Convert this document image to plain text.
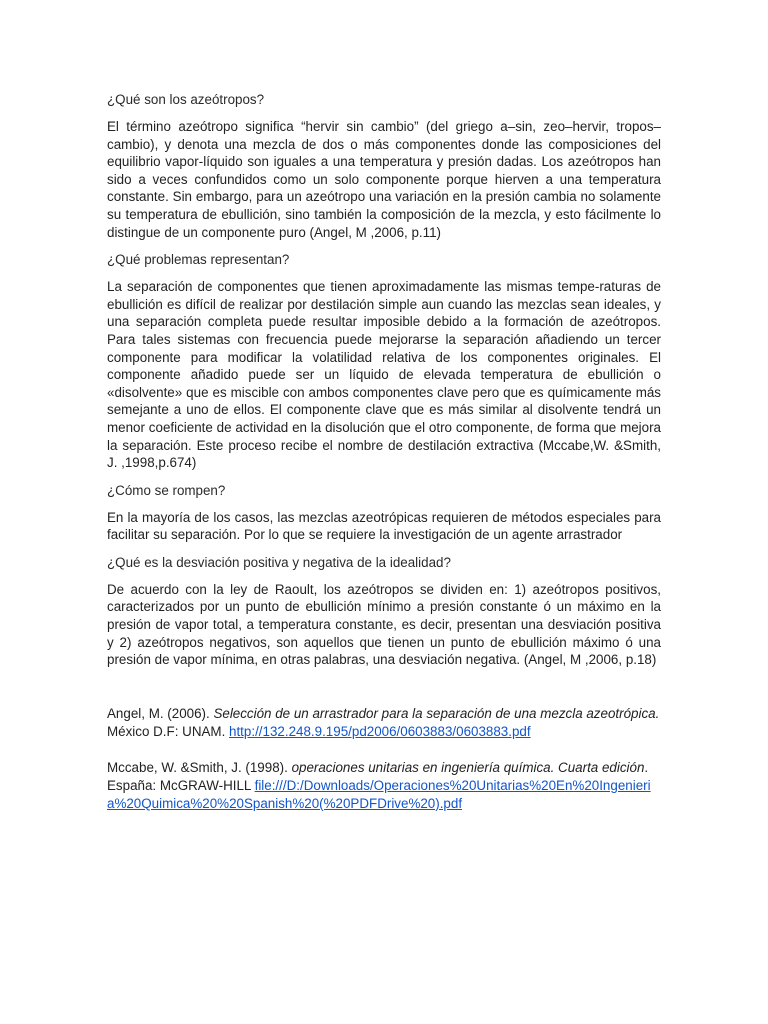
¿Qué son los azeótropos?

El término azeótropo significa “hervir sin cambio” (del griego a–sin, zeo–hervir, tropos–cambio), y denota una mezcla de dos o más componentes donde las composiciones del equilibrio vapor-líquido son iguales a una temperatura y presión dadas. Los azeótropos han sido a veces confundidos como un solo componente porque hierven a una temperatura constante. Sin embargo, para un azeótropo una variación en la presión cambia no solamente su temperatura de ebullición, sino también la composición de la mezcla, y esto fácilmente lo distingue de un componente puro (Angel, M ,2006, p.11)

¿Qué problemas representan?

La separación de componentes que tienen aproximadamente las mismas tempe-raturas de ebullición es difícil de realizar por destilación simple aun cuando las mezclas sean ideales, y una separación completa puede resultar imposible debido a la formación de azeótropos. Para tales sistemas con frecuencia puede mejorarse la separación añadiendo un tercer componente para modificar la volatilidad relativa de los componentes originales. El componente añadido puede ser un líquido de elevada temperatura de ebullición o «disolvente» que es miscible con ambos componentes clave pero que es químicamente más semejante a uno de ellos. El componente clave que es más similar al disolvente tendrá un menor coeficiente de actividad en la disolución que el otro componente, de forma que mejora la separación. Este proceso recibe el nombre de destilación extractiva (Mccabe,W. &Smith, J. ,1998,p.674)

¿Cómo se rompen?

En la mayoría de los casos, las mezclas azeotrópicas requieren de métodos especiales para facilitar su separación. Por lo que se requiere la investigación de un agente arrastrador

¿Qué es la desviación positiva y negativa de la idealidad?

De acuerdo con la ley de Raoult, los azeótropos se dividen en: 1) azeótropos positivos, caracterizados por un punto de ebullición mínimo a presión constante ó un máximo en la presión de vapor total, a temperatura constante, es decir, presentan una desviación positiva y 2) azeótropos negativos, son aquellos que tienen un punto de ebullición máximo ó una presión de vapor mínima, en otras palabras, una desviación negativa. (Angel, M ,2006, p.18)

Angel, M. (2006). Selección de un arrastrador para la separación de una mezcla azeotrópica. México D.F: UNAM. http://132.248.9.195/pd2006/0603883/0603883.pdf

Mccabe, W. &Smith, J. (1998). operaciones unitarias en ingeniería química. Cuarta edición. España: McGRAW-HILL file:///D:/Downloads/Operaciones%20Unitarias%20En%20Ingenieria%20Quimica%20%20Spanish%20(%20PDFDrive%20).pdf
